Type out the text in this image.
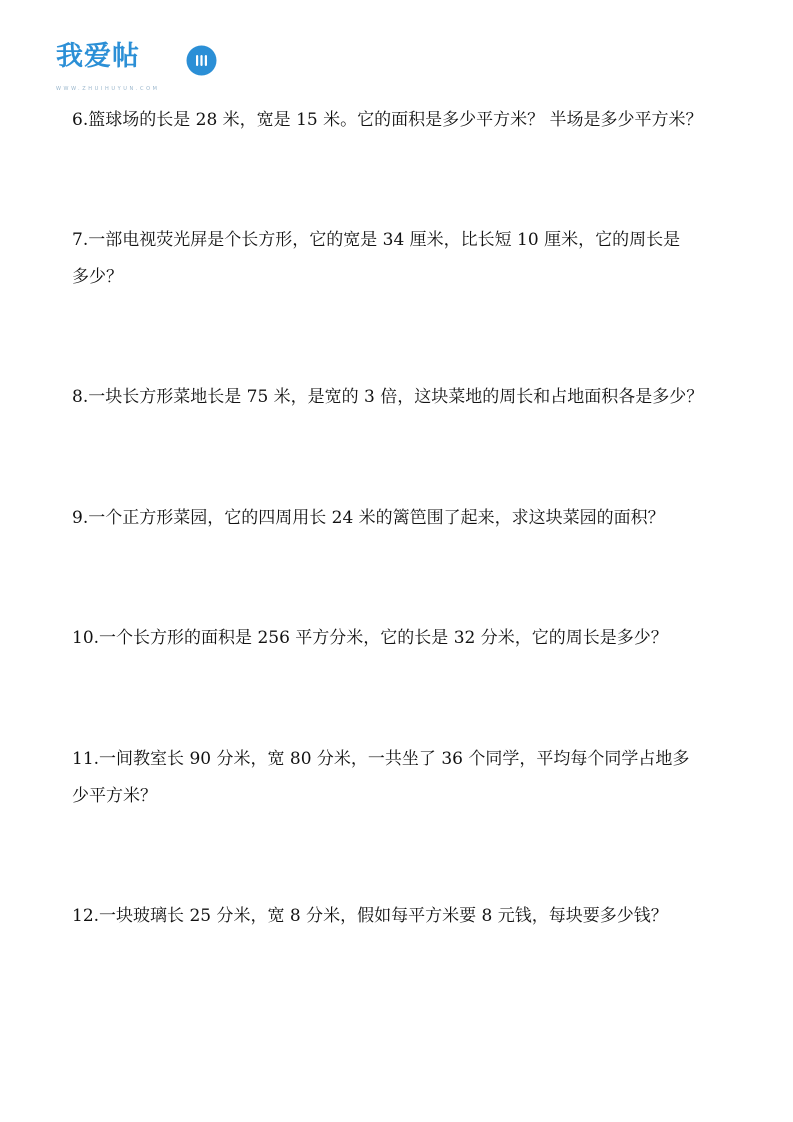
我爱帖
WWW.ZHUIHUYUN.COM
6.篮球场的长是 28 米，宽是 15 米。它的面积是多少平方米？ 半场是多少平方米？
7.一部电视荧光屏是个长方形，它的宽是 34 厘米，比长短 10 厘米，它的周长是
多少？
8.一块长方形菜地长是 75 米，是宽的 3 倍，这块菜地的周长和占地面积各是多少？
9.一个正方形菜园，它的四周用长 24 米的篱笆围了起来，求这块菜园的面积？
10.一个长方形的面积是 256 平方分米，它的长是 32 分米，它的周长是多少？
11.一间教室长 90 分米，宽 80 分米，一共坐了 36 个同学，平均每个同学占地多
少平方米？
12.一块玻璃长 25 分米，宽 8 分米，假如每平方米要 8 元钱，每块要多少钱？
